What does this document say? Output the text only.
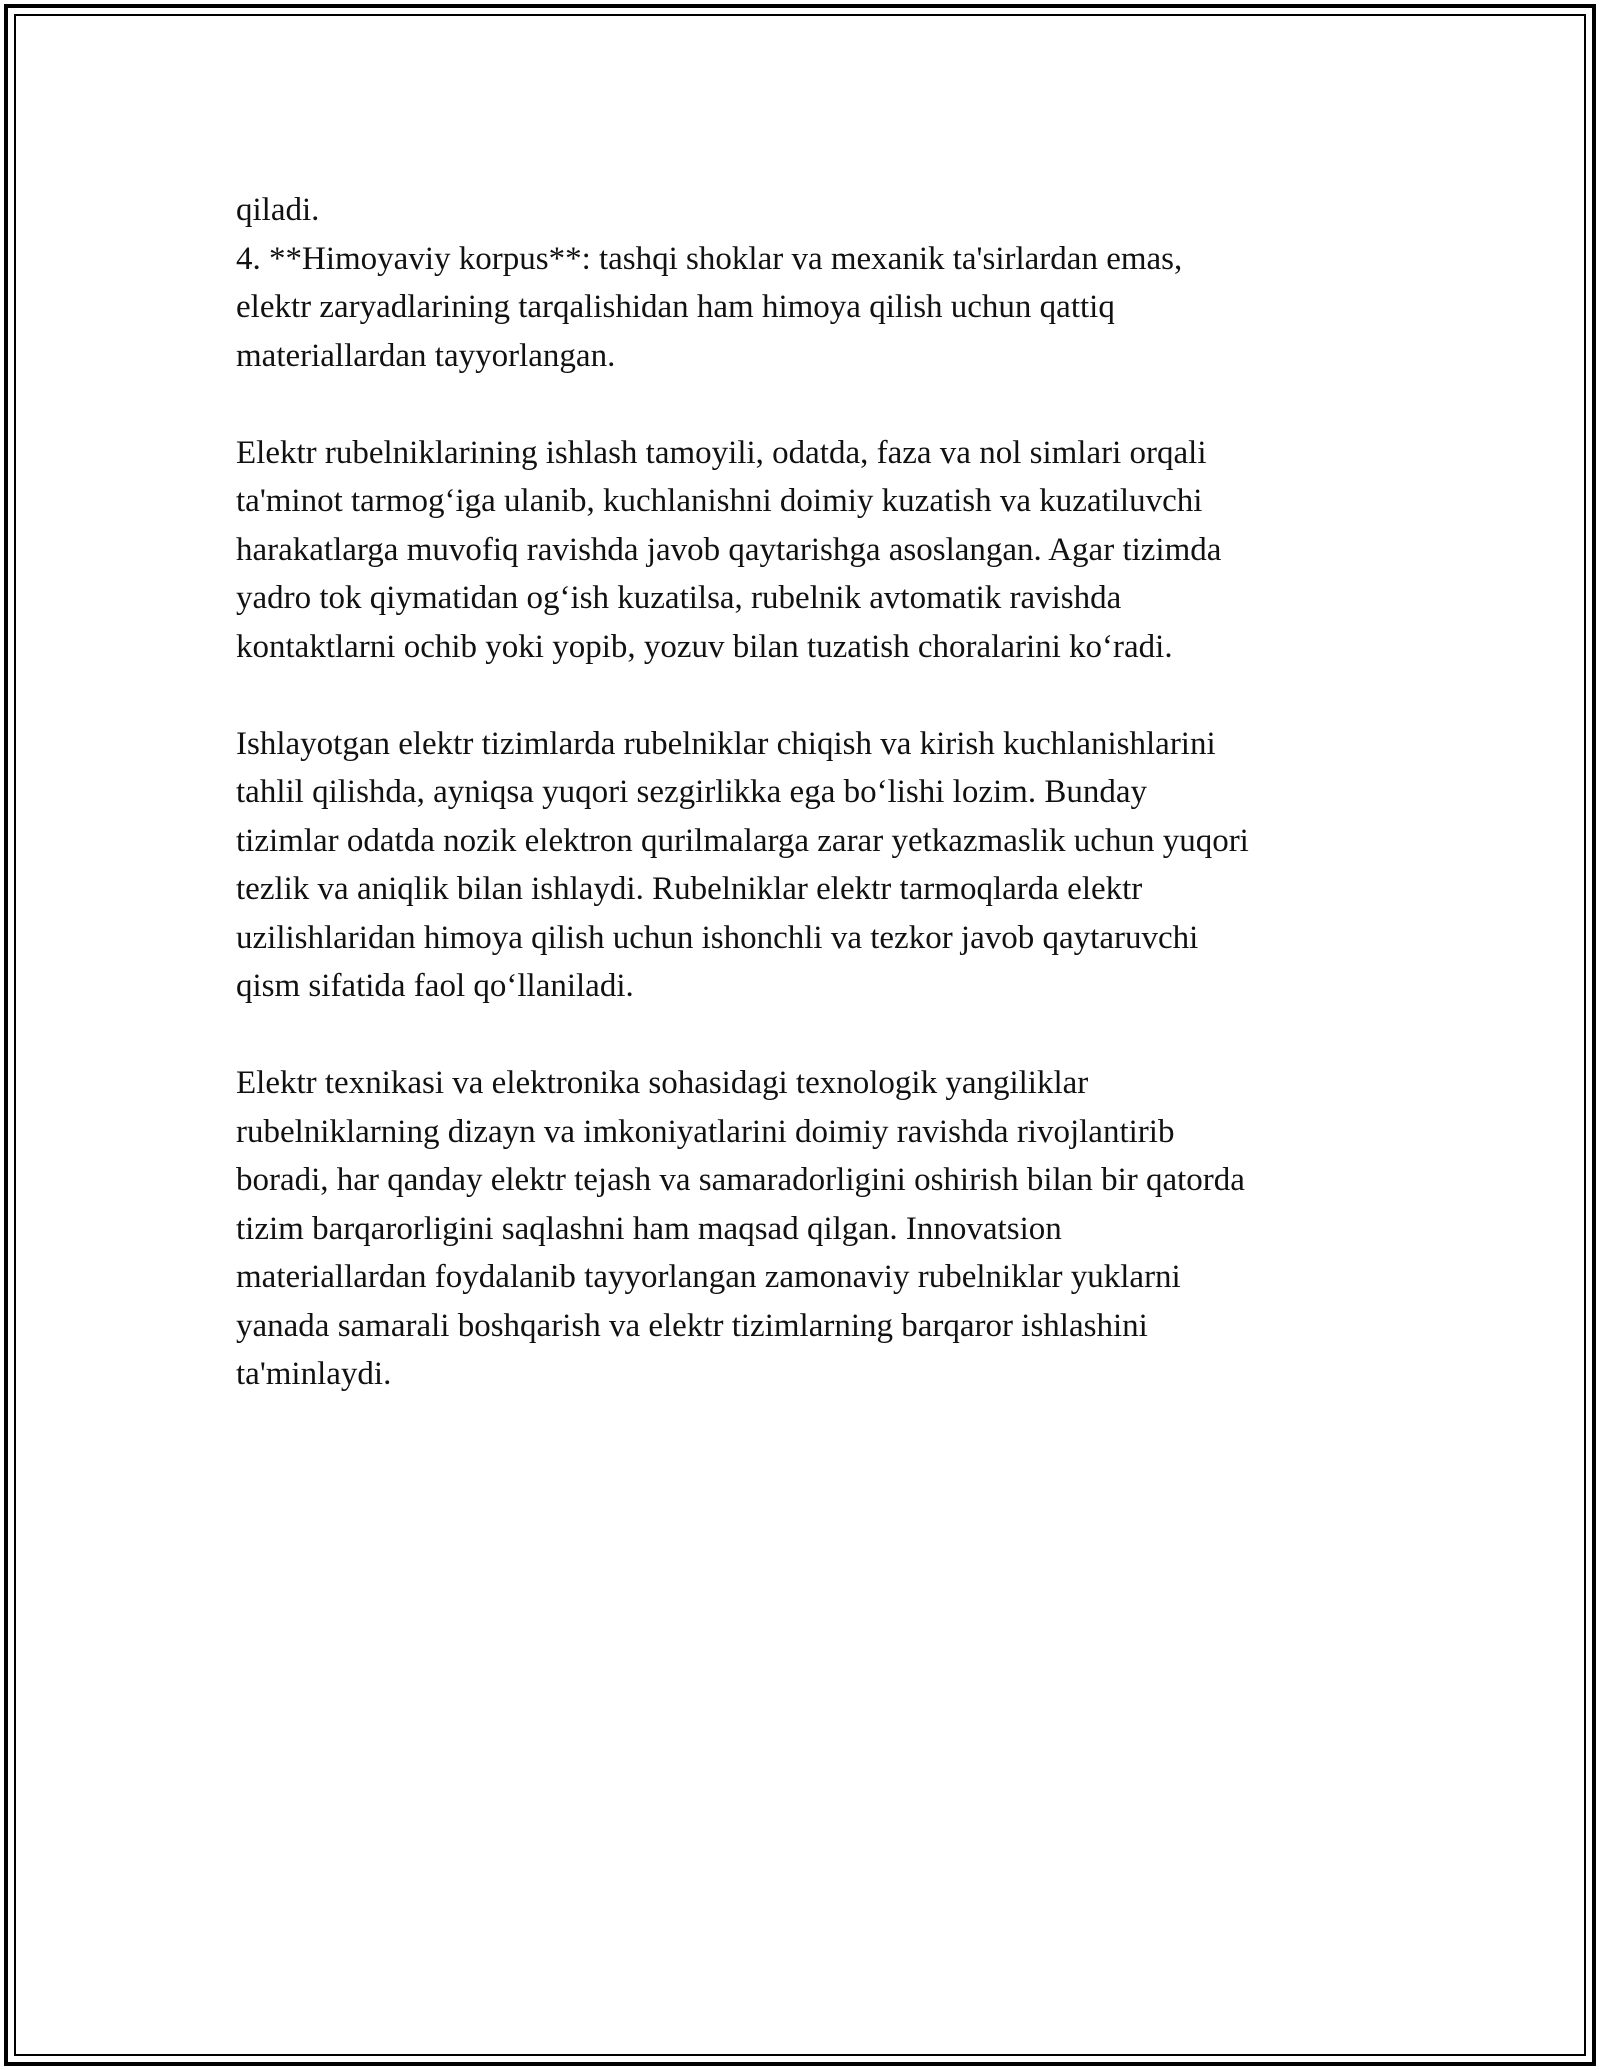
qiladi.
4. **Himoyaviy korpus**: tashqi shoklar va mexanik ta'sirlardan emas,
elektr zaryadlarining tarqalishidan ham himoya qilish uchun qattiq
materiallardan tayyorlangan.
Elektr rubelniklarining ishlash tamoyili, odatda, faza va nol simlari orqali
ta'minot tarmog‘iga ulanib, kuchlanishni doimiy kuzatish va kuzatiluvchi
harakatlarga muvofiq ravishda javob qaytarishga asoslangan. Agar tizimda
yadro tok qiymatidan og‘ish kuzatilsa, rubelnik avtomatik ravishda
kontaktlarni ochib yoki yopib, yozuv bilan tuzatish choralarini ko‘radi.
Ishlayotgan elektr tizimlarda rubelniklar chiqish va kirish kuchlanishlarini
tahlil qilishda, ayniqsa yuqori sezgirlikka ega bo‘lishi lozim. Bunday
tizimlar odatda nozik elektron qurilmalarga zarar yetkazmaslik uchun yuqori
tezlik va aniqlik bilan ishlaydi. Rubelniklar elektr tarmoqlarda elektr
uzilishlaridan himoya qilish uchun ishonchli va tezkor javob qaytaruvchi
qism sifatida faol qo‘llaniladi.
Elektr texnikasi va elektronika sohasidagi texnologik yangiliklar
rubelniklarning dizayn va imkoniyatlarini doimiy ravishda rivojlantirib
boradi, har qanday elektr tejash va samaradorligini oshirish bilan bir qatorda
tizim barqarorligini saqlashni ham maqsad qilgan. Innovatsion
materiallardan foydalanib tayyorlangan zamonaviy rubelniklar yuklarni
yanada samarali boshqarish va elektr tizimlarning barqaror ishlashini
ta'minlaydi.
